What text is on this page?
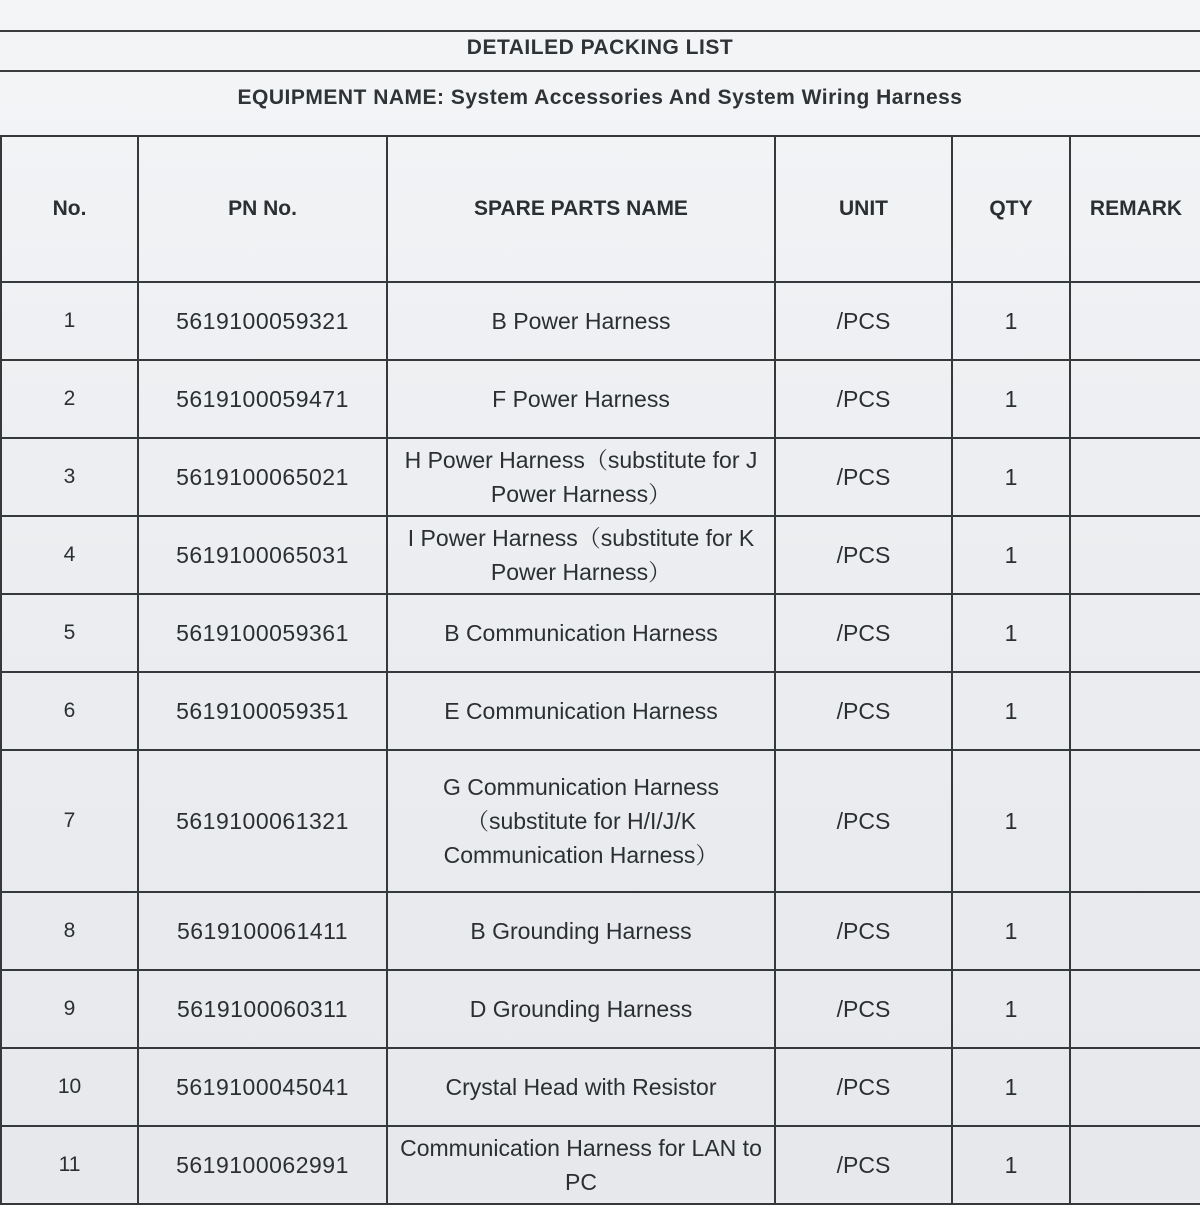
DETAILED PACKING LIST
EQUIPMENT NAME: System Accessories And System Wiring Harness
No.	PN No.	SPARE PARTS NAME	UNIT	QTY	REMARK
1	5619100059321	B Power Harness	/PCS	1	
2	5619100059471	F Power Harness	/PCS	1	
3	5619100065021	H Power Harness（substitute for J Power Harness）	/PCS	1	
4	5619100065031	I Power Harness（substitute for K Power Harness）	/PCS	1	
5	5619100059361	B Communication Harness	/PCS	1	
6	5619100059351	E Communication Harness	/PCS	1	
7	5619100061321	G Communication Harness（substitute for H/I/J/K Communication Harness）	/PCS	1	
8	5619100061411	B Grounding Harness	/PCS	1	
9	5619100060311	D Grounding Harness	/PCS	1	
10	5619100045041	Crystal Head with Resistor	/PCS	1	
11	5619100062991	Communication Harness for LAN to PC	/PCS	1	
